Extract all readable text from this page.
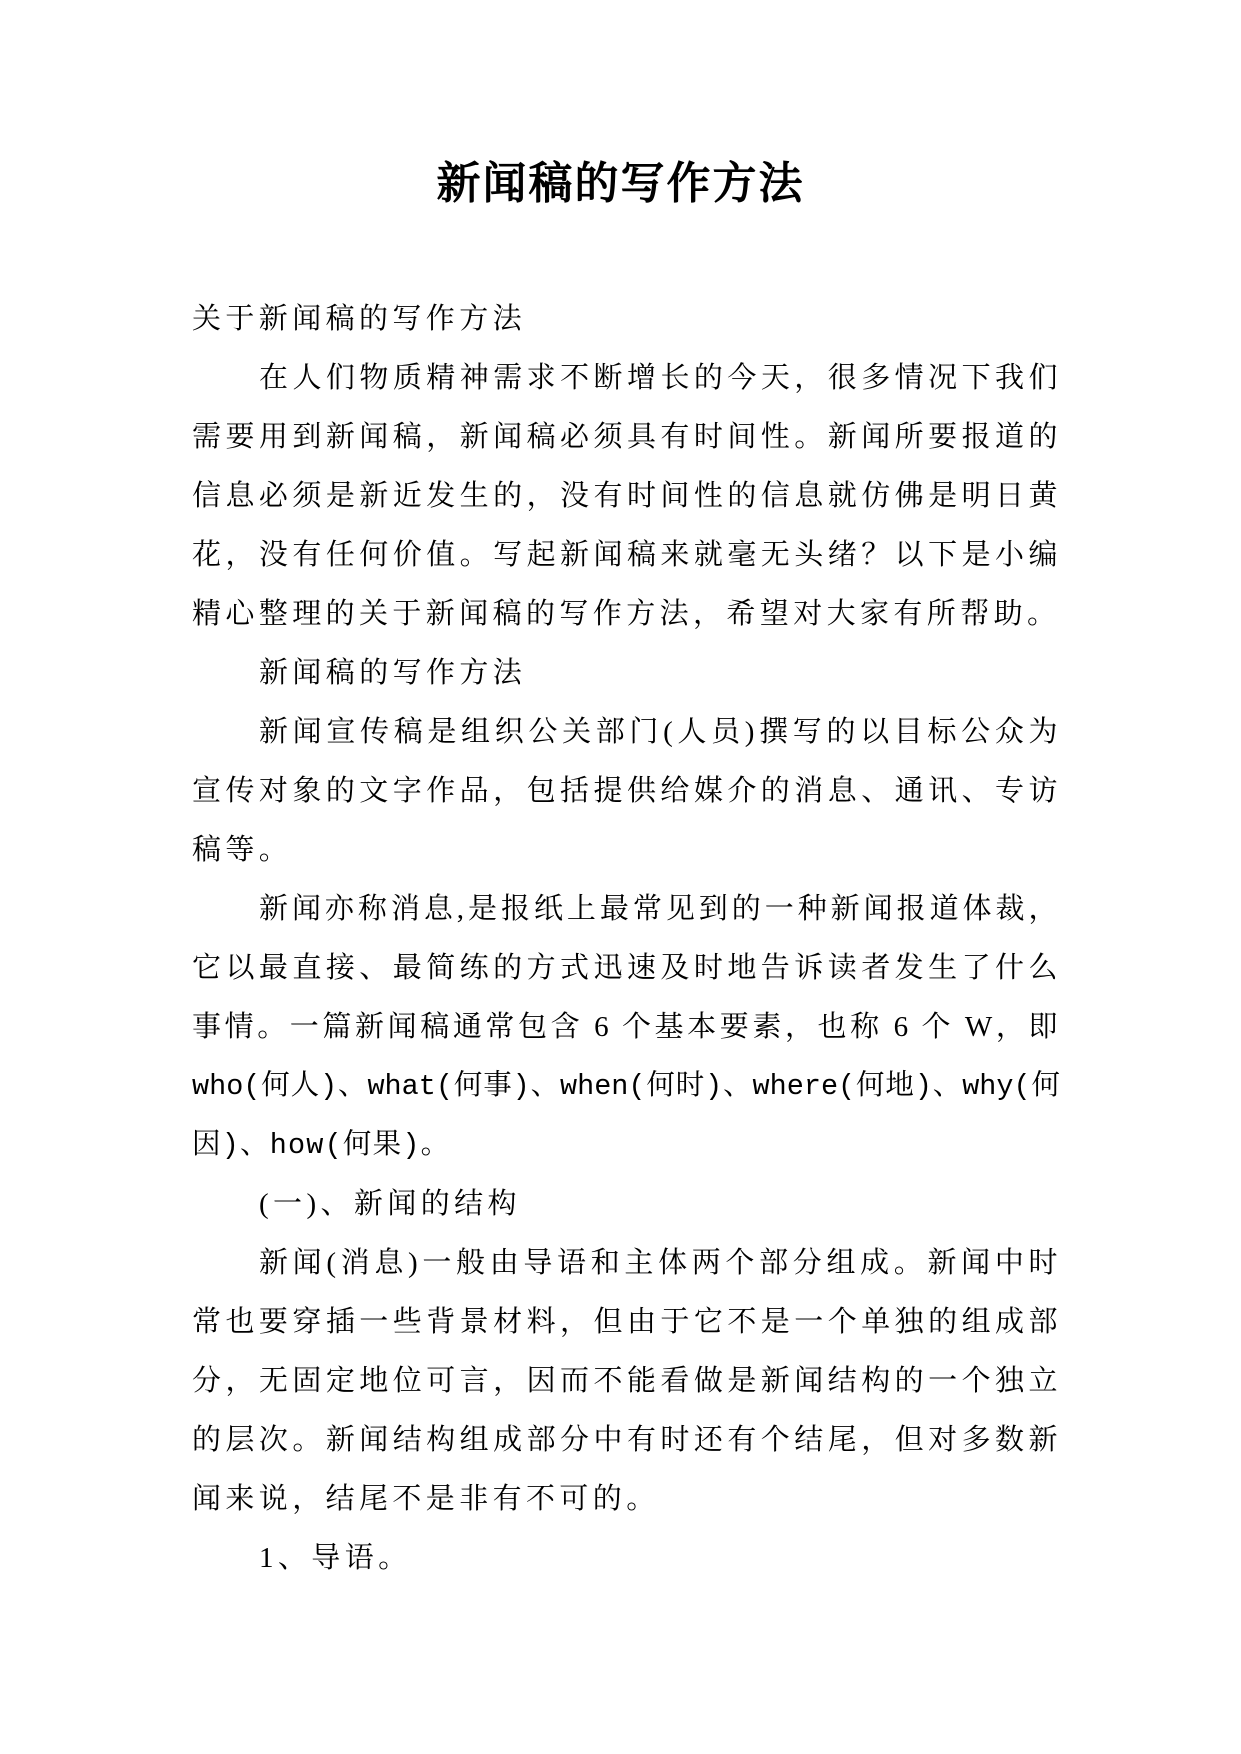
新闻稿的写作方法
关于新闻稿的写作方法
在人们物质精神需求不断增长的今天，很多情况下我们
需要用到新闻稿，新闻稿必须具有时间性。新闻所要报道的
信息必须是新近发生的，没有时间性的信息就仿佛是明日黄
花，没有任何价值。写起新闻稿来就毫无头绪？以下是小编
精心整理的关于新闻稿的写作方法，希望对大家有所帮助。
新闻稿的写作方法
新闻宣传稿是组织公关部门(人员)撰写的以目标公众为
宣传对象的文字作品，包括提供给媒介的消息、通讯、专访
稿等。
新闻亦称消息,是报纸上最常见到的一种新闻报道体裁，
它以最直接、最简练的方式迅速及时地告诉读者发生了什么
事情。一篇新闻稿通常包含 6 个基本要素，也称 6 个 W，即
who(何人)、what(何事)、when(何时)、where(何地)、why(何
因)、how(何果)。
(一)、新闻的结构
新闻(消息)一般由导语和主体两个部分组成。新闻中时
常也要穿插一些背景材料，但由于它不是一个单独的组成部
分，无固定地位可言，因而不能看做是新闻结构的一个独立
的层次。新闻结构组成部分中有时还有个结尾，但对多数新
闻来说，结尾不是非有不可的。
1、导语。
